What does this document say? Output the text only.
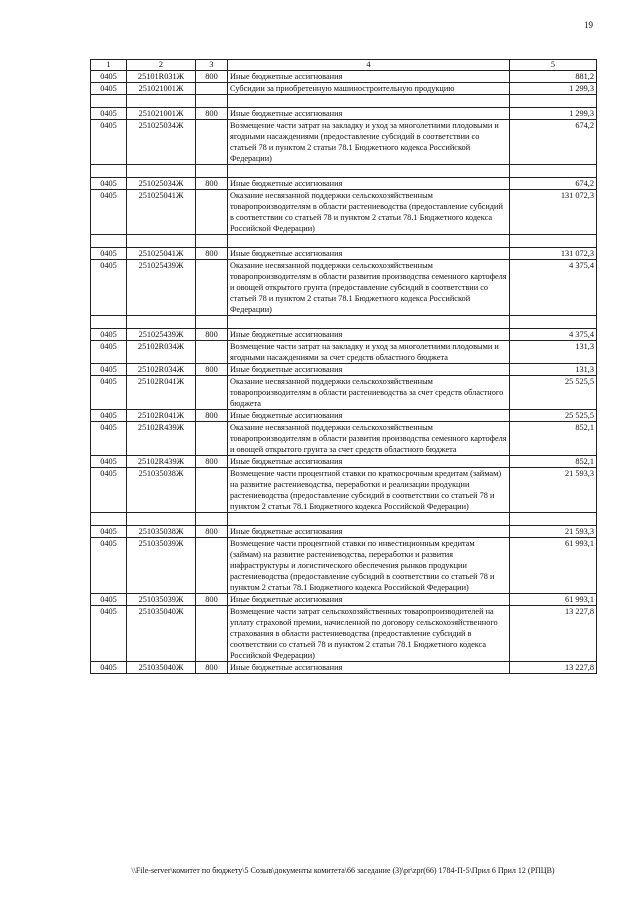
19
1	2	3	4	5
0405	25101R031Ж	800	Иные бюджетные ассигнования	881,2
0405	251021001Ж		Субсидии за приобретенную машиностроительную продукцию	1 299,3

0405	251021001Ж	800	Иные бюджетные ассигнования	1 299,3
0405	251025034Ж		Возмещение части затрат на закладку и уход за многолетними плодовыми и ягодными насаждениями (предоставление субсидий в соответствии со статьей 78 и пунктом 2 статьи 78.1 Бюджетного кодекса Российской Федерации)	674,2

0405	251025034Ж	800	Иные бюджетные ассигнования	674,2
0405	251025041Ж		Оказание несвязанной поддержки сельскохозяйственным товаропроизводителям в области растениеводства (предоставление субсидий в соответствии со статьей 78 и пунктом 2 статьи 78.1 Бюджетного кодекса Российской Федерации)	131 072,3

0405	251025041Ж	800	Иные бюджетные ассигнования	131 072,3
0405	251025439Ж		Оказание несвязанной поддержки сельскохозяйственным товаропроизводителям в области развития производства семенного картофеля и овощей открытого грунта (предоставление субсидий в соответствии со статьей 78 и пунктом 2 статьи 78.1 Бюджетного кодекса Российской Федерации)	4 375,4

0405	251025439Ж	800	Иные бюджетные ассигнования	4 375,4
0405	25102R034Ж		Возмещение части затрат на закладку и уход за многолетними плодовыми и ягодными насаждениями за счет средств областного бюджета	131,3
0405	25102R034Ж	800	Иные бюджетные ассигнования	131,3
0405	25102R041Ж		Оказание несвязанной поддержки сельскохозяйственным товаропроизводителям в области растениеводства за счет средств областного бюджета	25 525,5
0405	25102R041Ж	800	Иные бюджетные ассигнования	25 525,5
0405	25102R439Ж		Оказание несвязанной поддержки сельскохозяйственным товаропроизводителям в области развития производства семенного картофеля и овощей открытого грунта за счет средств областного бюджета	852,1
0405	25102R439Ж	800	Иные бюджетные ассигнования	852,1
0405	251035038Ж		Возмещение части процентной ставки по краткосрочным кредитам (займам) на развитие растениеводства, переработки и реализации продукции растениеводства (предоставление субсидий в соответствии со статьей 78 и пунктом 2 статьи 78.1 Бюджетного кодекса Российской Федерации)	21 593,3

0405	251035038Ж	800	Иные бюджетные ассигнования	21 593,3
0405	251035039Ж		Возмещение части процентной ставки по инвестиционным кредитам (займам) на развитие растениеводства, переработки и развития инфраструктуры и логистического обеспечения рынков продукции растениеводства (предоставление субсидий в соответствии со статьей 78 и пунктом 2 статьи 78.1 Бюджетного кодекса Российской Федерации)	61 993,1
0405	251035039Ж	800	Иные бюджетные ассигнования	61 993,1
0405	251035040Ж		Возмещение части затрат сельскохозяйственных товаропроизводителей на уплату страховой премии, начисленной по договору сельскохозяйственного страхования в области растениеводства (предоставление субсидий в соответствии со статьей 78 и пунктом 2 статьи 78.1 Бюджетного кодекса Российской Федерации)	13 227,8
0405	251035040Ж	800	Иные бюджетные ассигнования	13 227,8
\\File-server\комитет по бюджету\5 Созыв\документы комитета\66 заседание (3)\pr\zpr(66) 1784-П-5\Прил 6 Прил 12 (РПЦВ)
